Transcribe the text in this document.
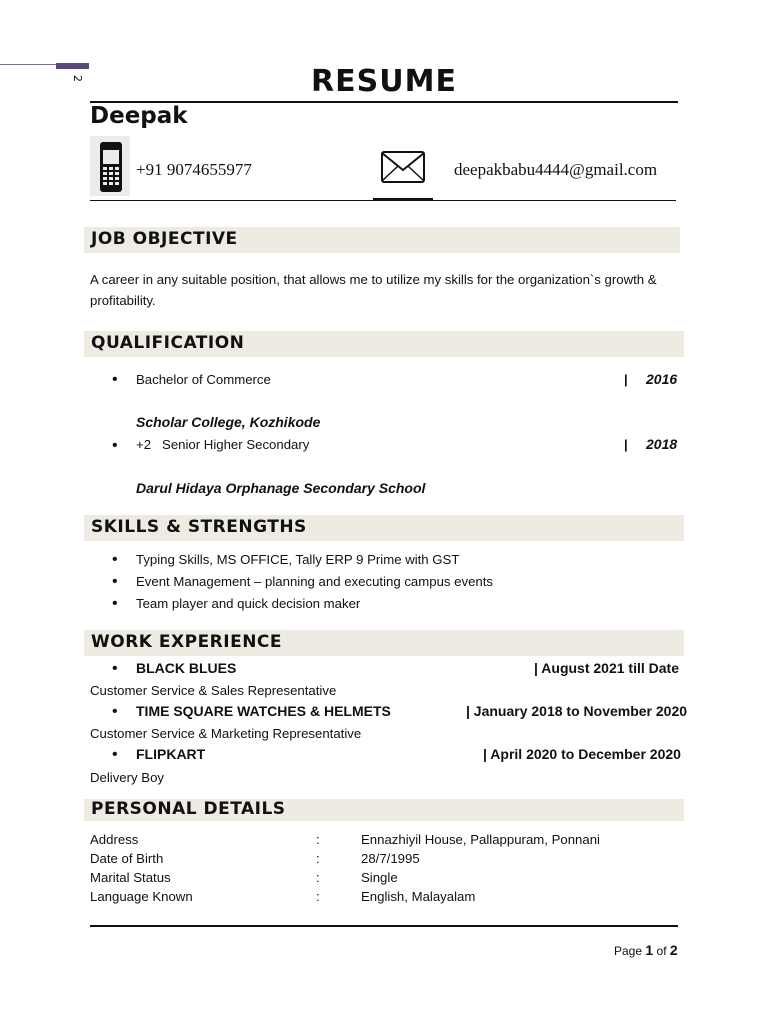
2	RESUME
Deepak
+91 9074655977	deepakbabu4444@gmail.com
JOB OBJECTIVE
A career in any suitable position, that allows me to utilize my skills for the organization`s growth & profitability.
QUALIFICATION
• Bachelor of Commerce	| 2016
Scholar College, Kozhikode
• +2   Senior Higher Secondary	| 2018
Darul Hidaya Orphanage Secondary School
SKILLS & STRENGTHS
• Typing Skills, MS OFFICE, Tally ERP 9 Prime with GST
• Event Management – planning and executing campus events
• Team player and quick decision maker
WORK EXPERIENCE
• BLACK BLUES	| August 2021 till Date
Customer Service & Sales Representative
• TIME SQUARE WATCHES & HELMETS	| January 2018 to November 2020
Customer Service & Marketing Representative
• FLIPKART	| April 2020 to December 2020
Delivery Boy
PERSONAL DETAILS
Address	:	Ennazhiyil House, Pallappuram, Ponnani
Date of Birth	:	28/7/1995
Marital Status	:	Single
Language Known	:	English, Malayalam
Page 1 of 2
